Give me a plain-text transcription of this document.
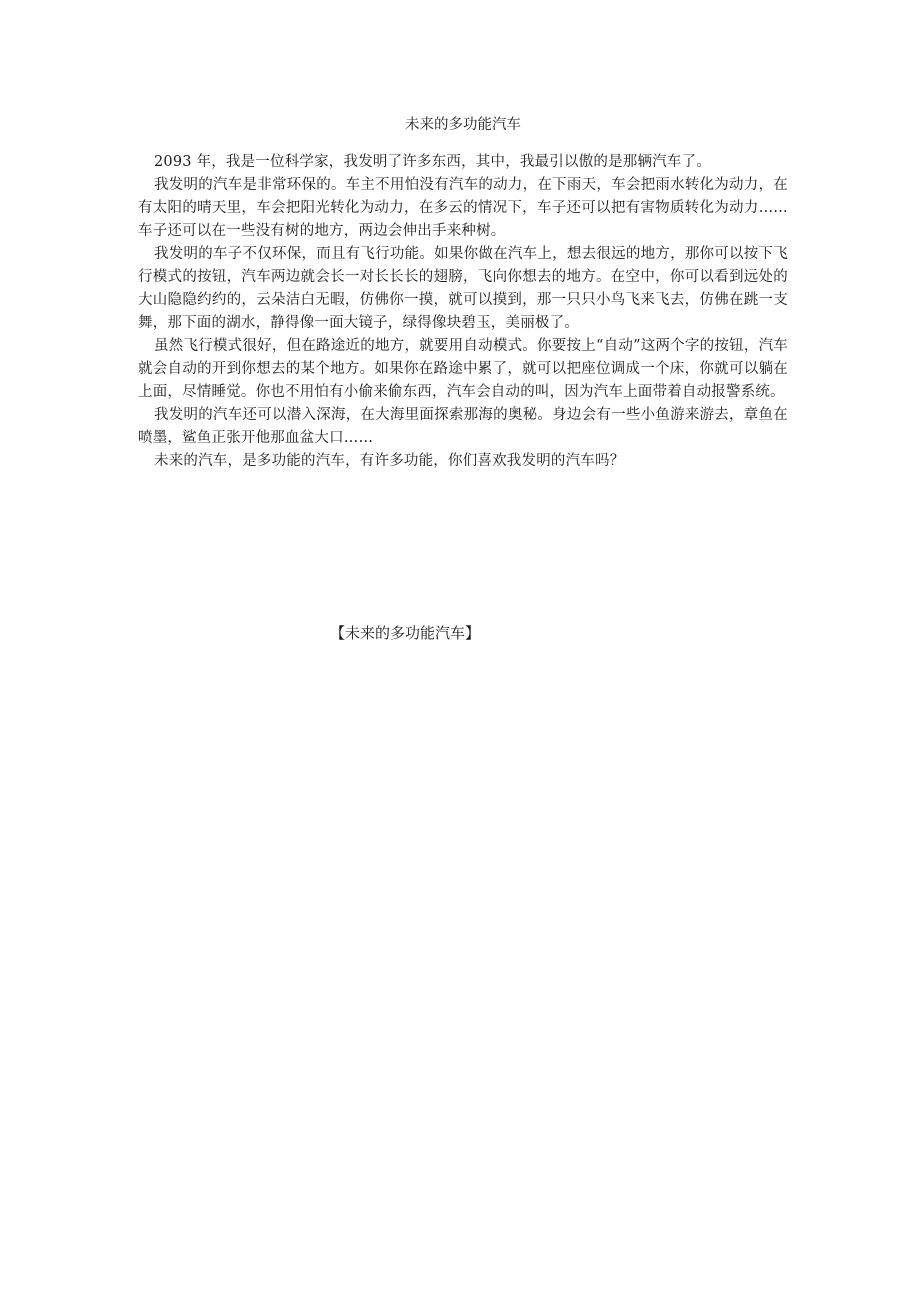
未来的多功能汽车

2093 年，我是一位科学家，我发明了许多东西，其中，我最引以傲的是那辆汽车了。

我发明的汽车是非常环保的。车主不用怕没有汽车的动力，在下雨天，车会把雨水转化为动力，在有太阳的晴天里，车会把阳光转化为动力，在多云的情况下，车子还可以把有害物质转化为动力……车子还可以在一些没有树的地方，两边会伸出手来种树。

我发明的车子不仅环保，而且有飞行功能。如果你做在汽车上，想去很远的地方，那你可以按下飞行模式的按钮，汽车两边就会长一对长长长的翅膀，飞向你想去的地方。在空中，你可以看到远处的大山隐隐约约的，云朵洁白无暇，仿佛你一摸，就可以摸到，那一只只小鸟飞来飞去，仿佛在跳一支舞，那下面的湖水，静得像一面大镜子，绿得像块碧玉，美丽极了。

虽然飞行模式很好，但在路途近的地方，就要用自动模式。你要按上“自动”这两个字的按钮，汽车就会自动的开到你想去的某个地方。如果你在路途中累了，就可以把座位调成一个床，你就可以躺在上面，尽情睡觉。你也不用怕有小偷来偷东西，汽车会自动的叫，因为汽车上面带着自动报警系统。

我发明的汽车还可以潜入深海，在大海里面探索那海的奥秘。身边会有一些小鱼游来游去，章鱼在喷墨，鲨鱼正张开他那血盆大口……

未来的汽车，是多功能的汽车，有许多功能，你们喜欢我发明的汽车吗？

【未来的多功能汽车】
